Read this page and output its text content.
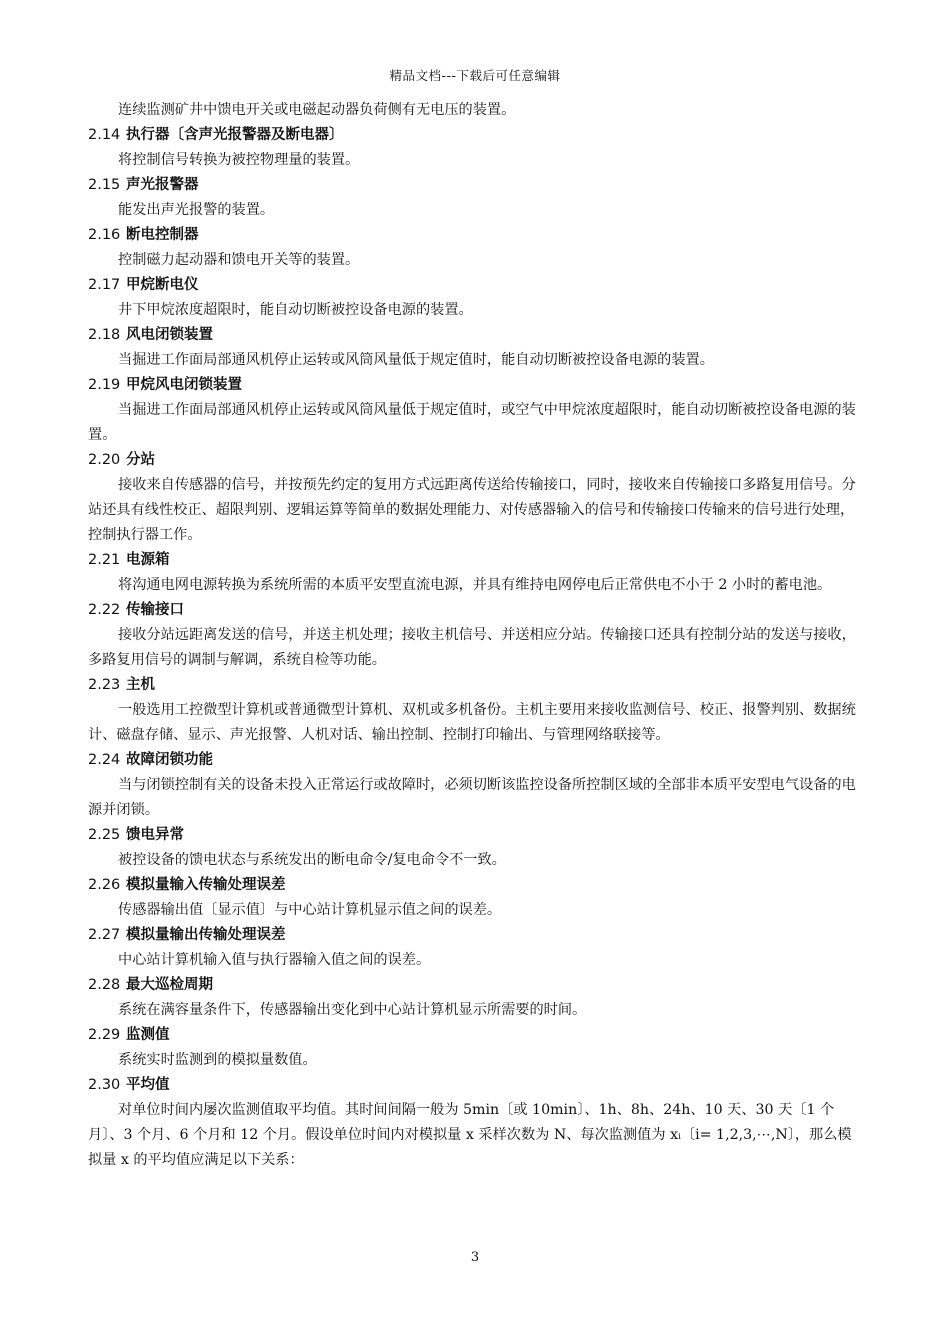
精品文档---下载后可任意编辑

连续监测矿井中馈电开关或电磁起动器负荷侧有无电压的装置。

2.14 执行器〔含声光报警器及断电器〕

将控制信号转换为被控物理量的装置。

2.15 声光报警器

能发出声光报警的装置。

2.16 断电控制器

控制磁力起动器和馈电开关等的装置。

2.17 甲烷断电仪

井下甲烷浓度超限时，能自动切断被控设备电源的装置。

2.18 风电闭锁装置

当掘进工作面局部通风机停止运转或风筒风量低于规定值时，能自动切断被控设备电源的装置。

2.19 甲烷风电闭锁装置

当掘进工作面局部通风机停止运转或风筒风量低于规定值时，或空气中甲烷浓度超限时，能自动切断被控设备电源的装置。

2.20 分站

接收来自传感器的信号，并按预先约定的复用方式远距离传送给传输接口，同时，接收来自传输接口多路复用信号。分站还具有线性校正、超限判别、逻辑运算等简单的数据处理能力、对传感器输入的信号和传输接口传输来的信号进行处理，控制执行器工作。

2.21 电源箱

将沟通电网电源转换为系统所需的本质平安型直流电源，并具有维持电网停电后正常供电不小于 2 小时的蓄电池。

2.22 传输接口

接收分站远距离发送的信号，并送主机处理；接收主机信号、并送相应分站。传输接口还具有控制分站的发送与接收，多路复用信号的调制与解调，系统自检等功能。

2.23 主机

一般选用工控微型计算机或普通微型计算机、双机或多机备份。主机主要用来接收监测信号、校正、报警判别、数据统计、磁盘存储、显示、声光报警、人机对话、输出控制、控制打印输出、与管理网络联接等。

2.24 故障闭锁功能

当与闭锁控制有关的设备未投入正常运行或故障时，必须切断该监控设备所控制区域的全部非本质平安型电气设备的电源并闭锁。

2.25 馈电异常

被控设备的馈电状态与系统发出的断电命令/复电命令不一致。

2.26 模拟量输入传输处理误差

传感器输出值〔显示值〕与中心站计算机显示值之间的误差。

2.27 模拟量输出传输处理误差

中心站计算机输入值与执行器输入值之间的误差。

2.28 最大巡检周期

系统在满容量条件下，传感器输出变化到中心站计算机显示所需要的时间。

2.29 监测值

系统实时监测到的模拟量数值。

2.30 平均值

对单位时间内屡次监测值取平均值。其时间间隔一般为 5min〔或 10min〕、1h、8h、24h、10 天、30 天〔1 个月〕、3 个月、6 个月和 12 个月。假设单位时间内对模拟量 x 采样次数为 N、每次监测值为 xᵢ〔i= 1,2,3,⋯,N〕，那么模拟量 x 的平均值应满足以下关系：

3
